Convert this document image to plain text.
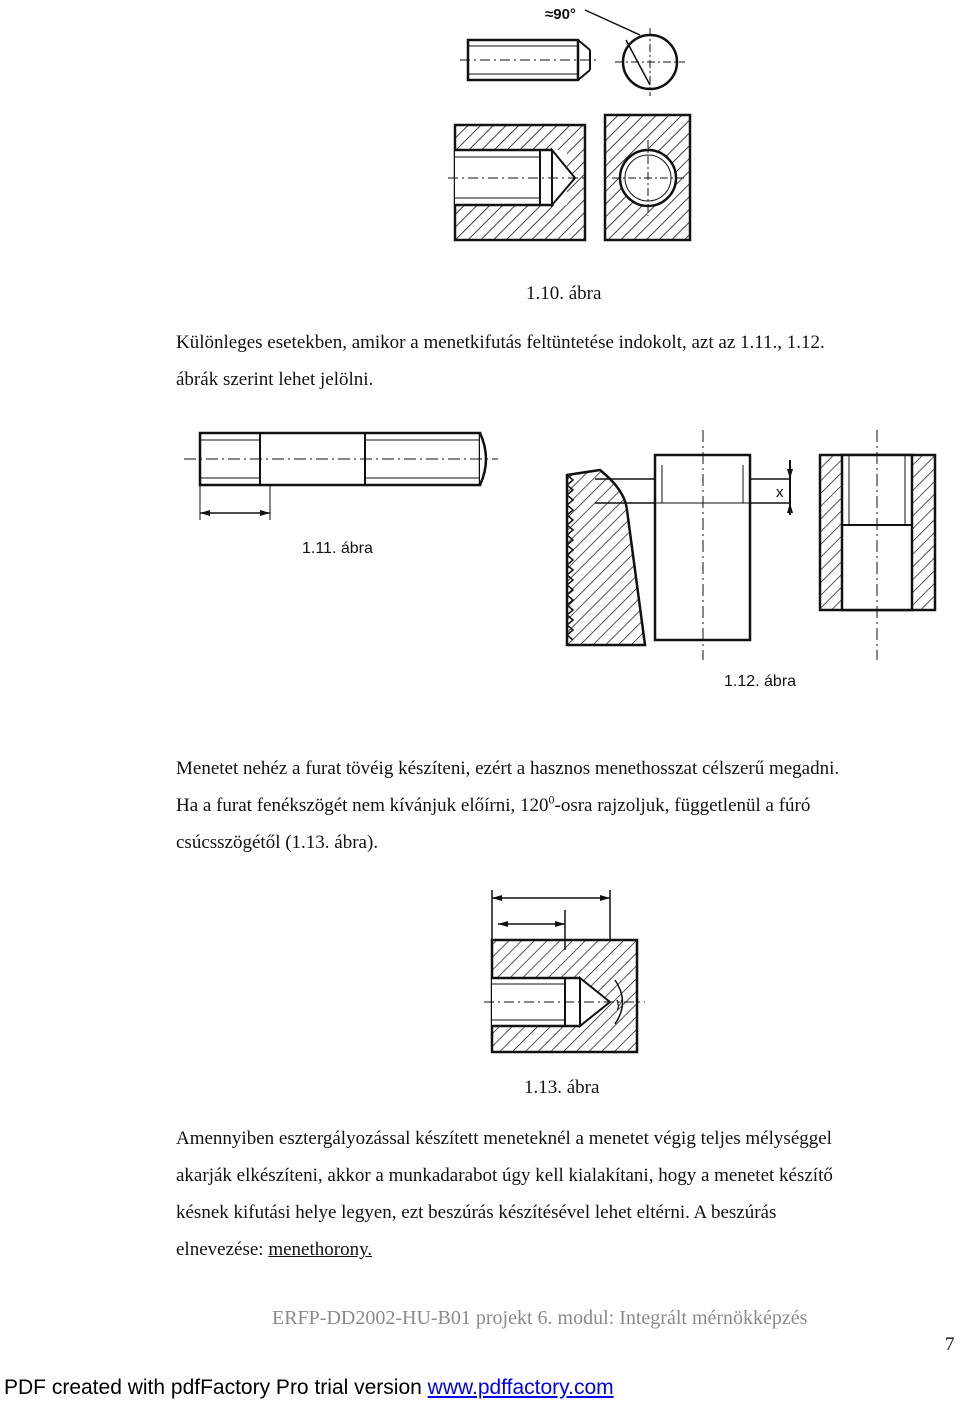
≈90°
1.10. ábra
Különleges esetekben, amikor a menetkifutás feltüntetése indokolt, azt az 1.11., 1.12.
ábrák szerint lehet jelölni.
1.11. ábra
x
1.12. ábra
Menetet nehéz a furat tövéig készíteni, ezért a hasznos menethosszat célszerű megadni.
Ha a furat fenékszögét nem kívánjuk előírni, $120^0$-osra rajzoljuk, függetlenül a fúró
csúcsszögétől (1.13. ábra).
γ
1.13. ábra
Amennyiben esztergályozással készített meneteknél a menetet végig teljes mélységgel
akarják elkészíteni, akkor a munkadarabot úgy kell kialakítani, hogy a menetet készítő
késnek kifutási helye legyen, ezt beszúrás készítésével lehet eltérni. A beszúrás
elnevezése: menethorony.
ERFP-DD2002-HU-B01 projekt 6. modul: Integrált mérnökképzés
7
PDF created with pdfFactory Pro trial version www.pdffactory.com
